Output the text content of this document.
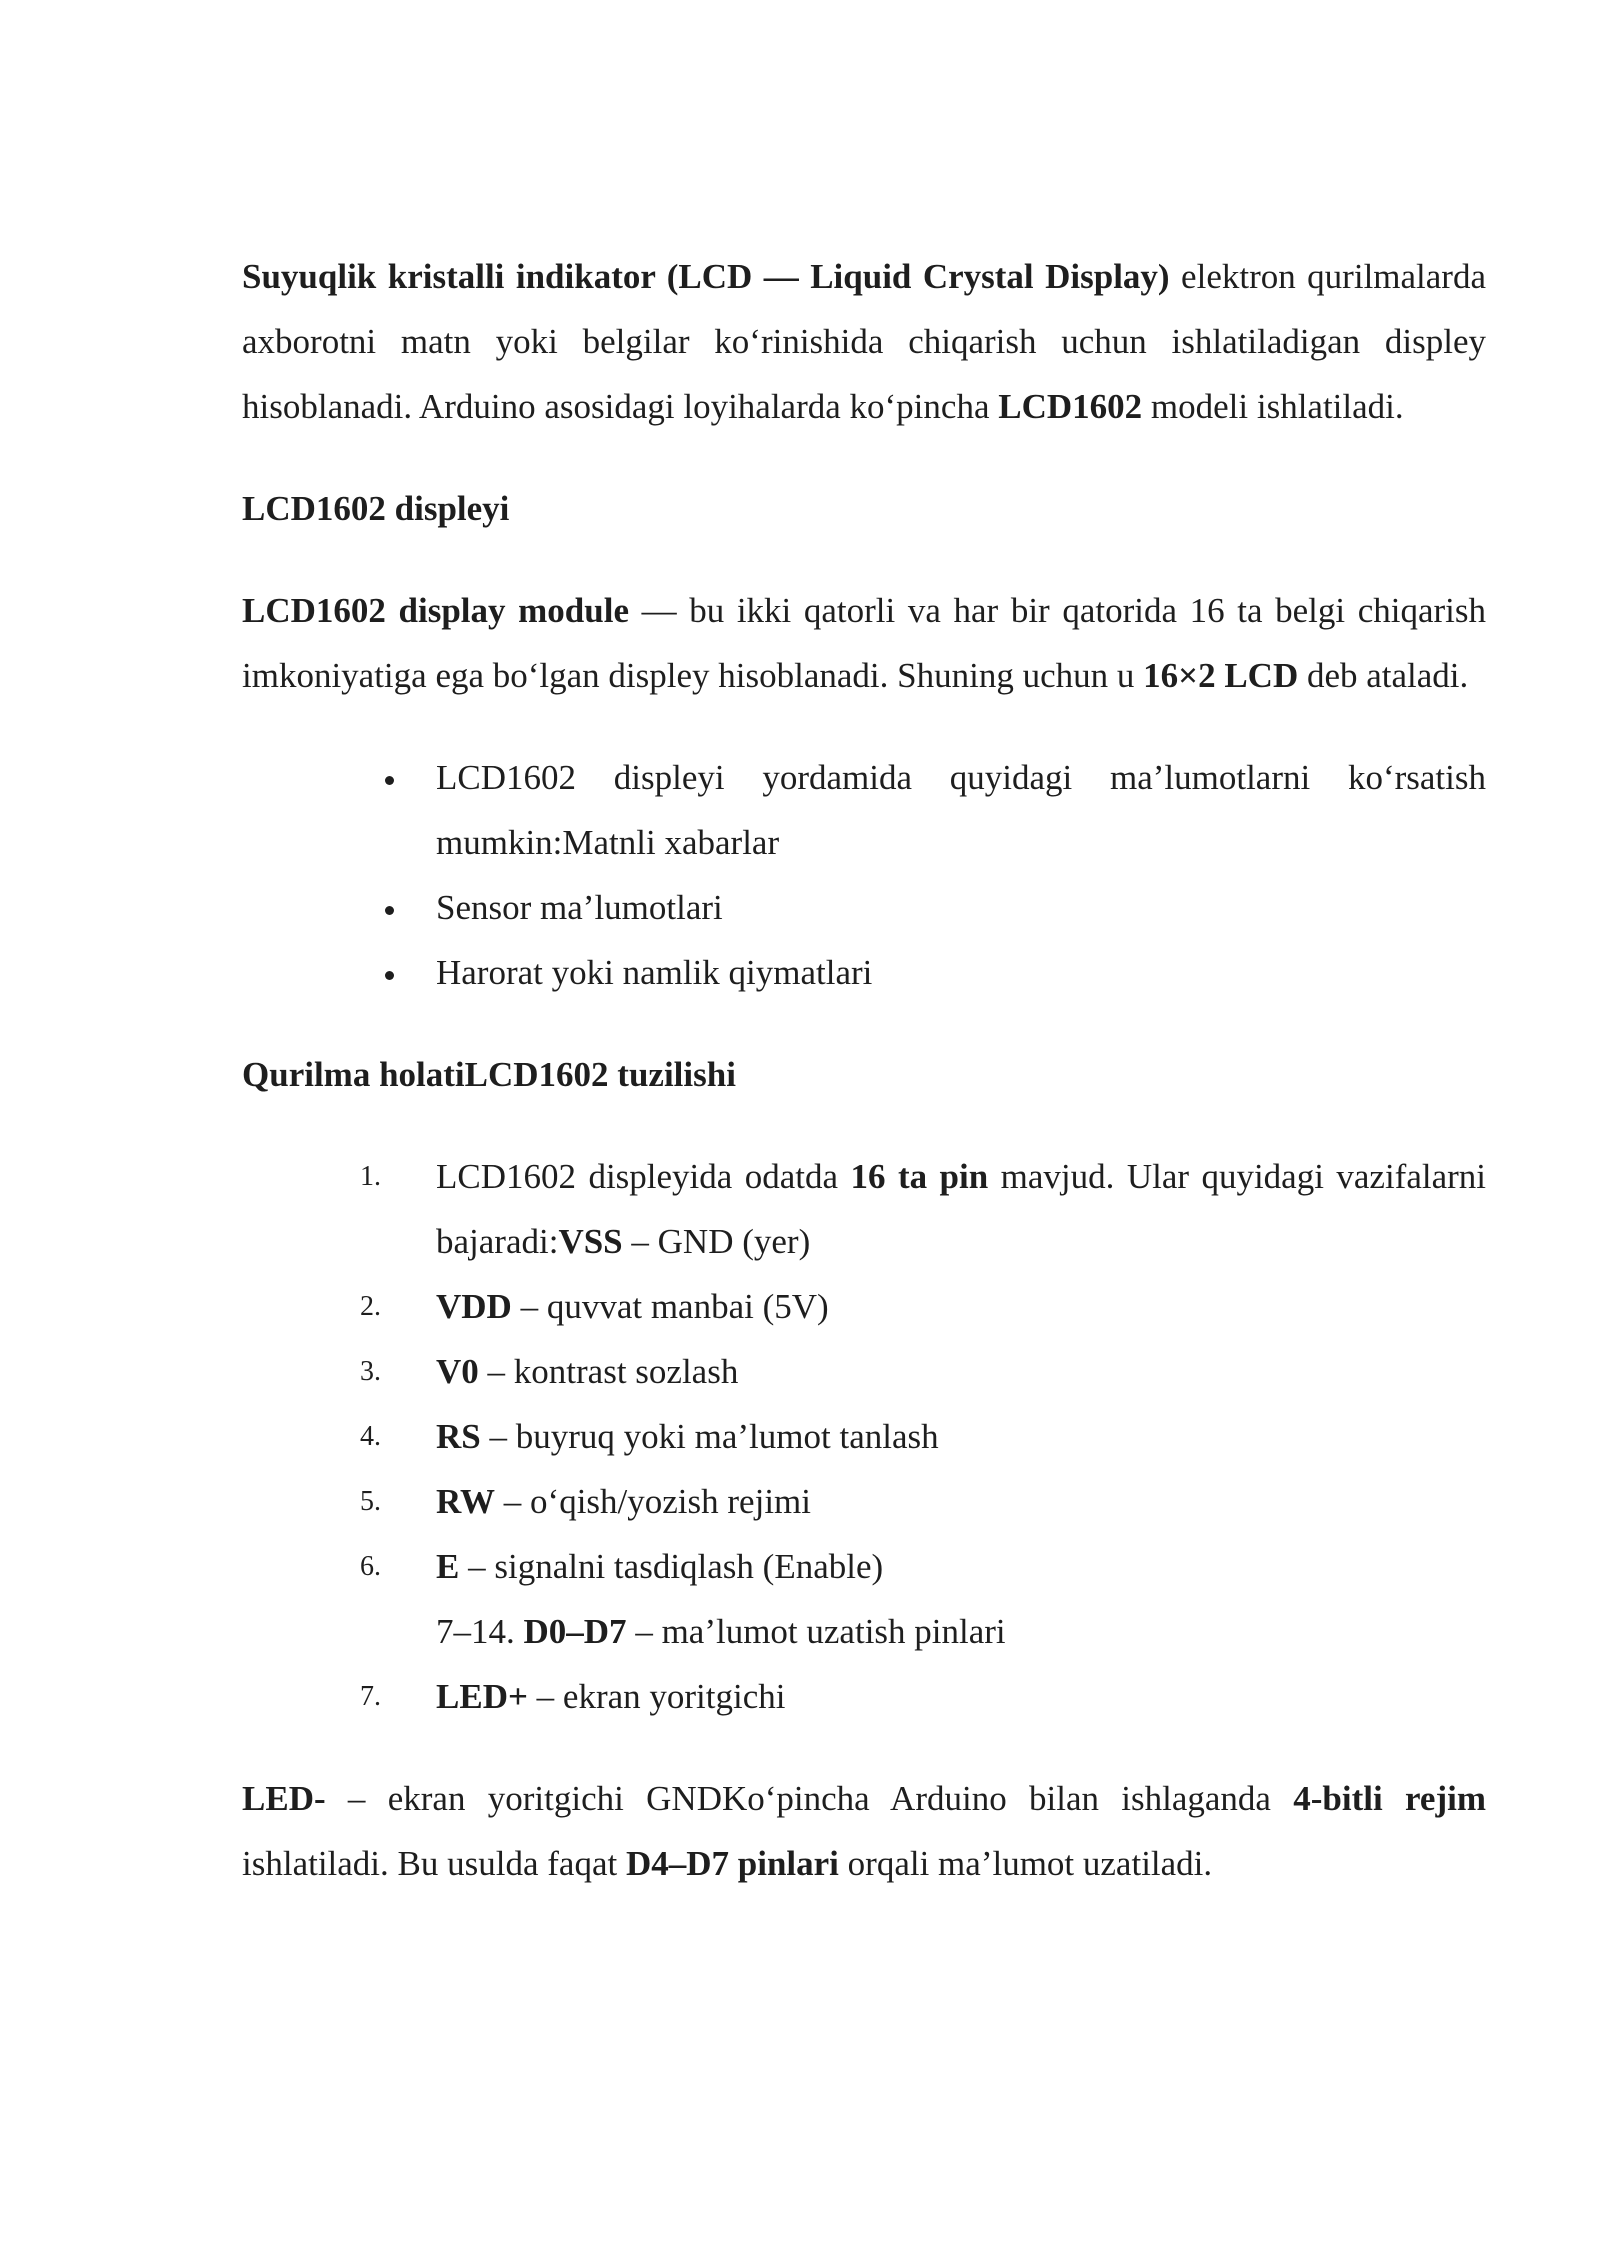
Suyuqlik kristalli indikator (LCD — Liquid Crystal Display) elektron qurilmalarda axborotni matn yoki belgilar ko‘rinishida chiqarish uchun ishlatiladigan displey hisoblanadi. Arduino asosidagi loyihalarda ko‘pincha LCD1602 modeli ishlatiladi.

LCD1602 displeyi

LCD1602 display module — bu ikki qatorli va har bir qatorida 16 ta belgi chiqarish imkoniyatiga ega bo‘lgan displey hisoblanadi. Shuning uchun u 16×2 LCD deb ataladi.

LCD1602 displeyi yordamida quyidagi ma’lumotlarni ko‘rsatish mumkin:Matnli xabarlar
Sensor ma’lumotlari
Harorat yoki namlik qiymatlari

Qurilma holatiLCD1602 tuzilishi

1.	LCD1602 displeyida odatda 16 ta pin mavjud. Ular quyidagi vazifalarni bajaradi:VSS – GND (yer)
2.	VDD – quvvat manbai (5V)
3.	V0 – kontrast sozlash
4.	RS – buyruq yoki ma’lumot tanlash
5.	RW – o‘qish/yozish rejimi
6.	E – signalni tasdiqlash (Enable)
7–14. D0–D7 – ma’lumot uzatish pinlari
7.	LED+ – ekran yoritgichi

LED- – ekran yoritgichi GNDKo‘pincha Arduino bilan ishlaganda 4-bitli rejim ishlatiladi. Bu usulda faqat D4–D7 pinlari orqali ma’lumot uzatiladi.
